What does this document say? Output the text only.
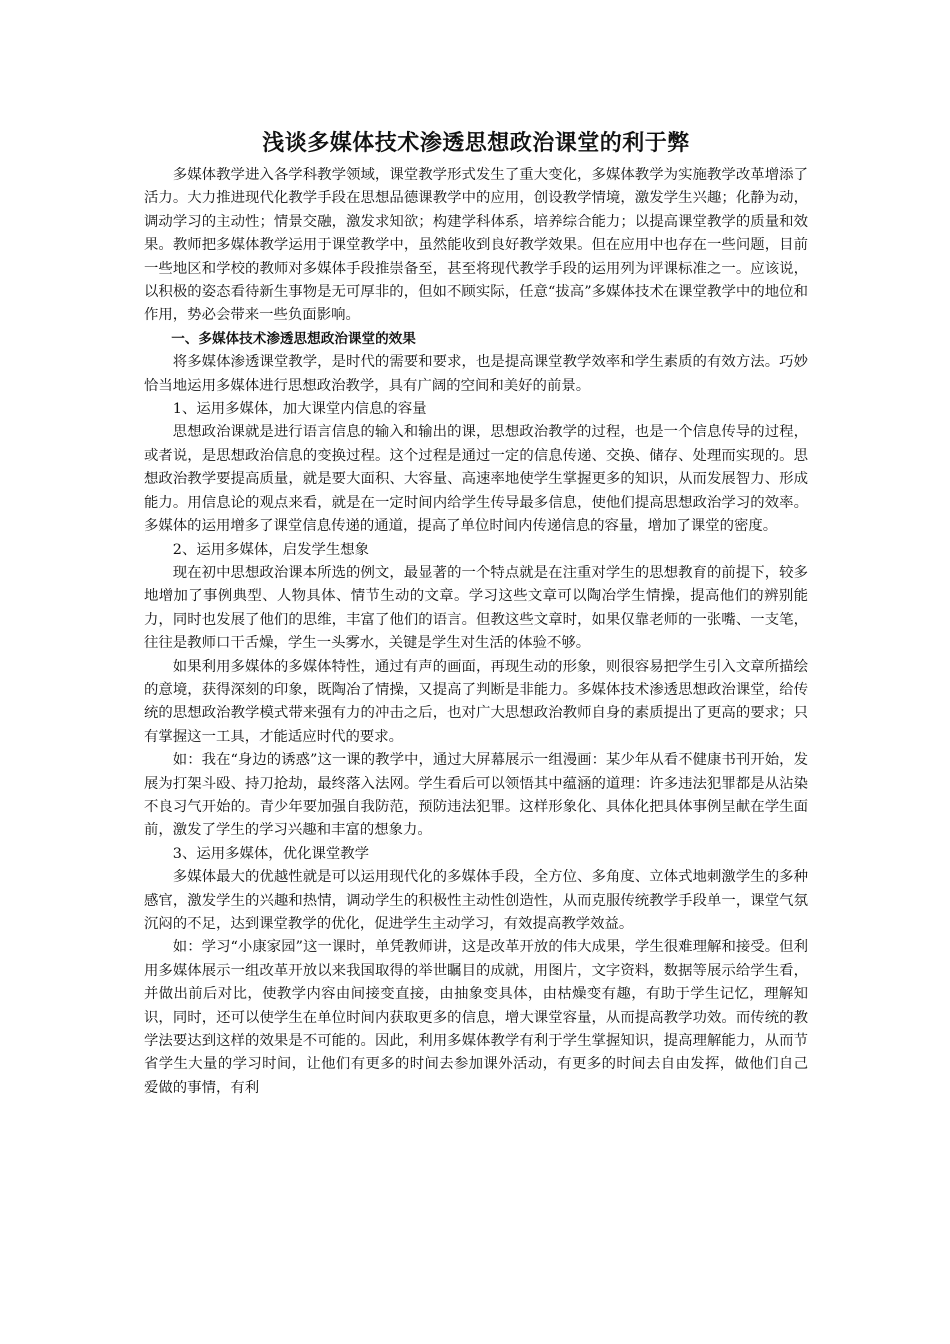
浅谈多媒体技术渗透思想政治课堂的利于弊

多媒体教学进入各学科教学领域，课堂教学形式发生了重大变化，多媒体教学为实施教学改革增添了活力。大力推进现代化教学手段在思想品德课教学中的应用，创设教学情境，激发学生兴趣；化静为动，调动学习的主动性；情景交融，激发求知欲；构建学科体系，培养综合能力；以提高课堂教学的质量和效果。教师把多媒体教学运用于课堂教学中，虽然能收到良好教学效果。但在应用中也存在一些问题，目前一些地区和学校的教师对多媒体手段推崇备至，甚至将现代教学手段的运用列为评课标准之一。应该说，以积极的姿态看待新生事物是无可厚非的，但如不顾实际，任意“拔高”多媒体技术在课堂教学中的地位和作用，势必会带来一些负面影响。

一、多媒体技术渗透思想政治课堂的效果

将多媒体渗透课堂教学，是时代的需要和要求，也是提高课堂教学效率和学生素质的有效方法。巧妙恰当地运用多媒体进行思想政治教学，具有广阔的空间和美好的前景。

1、运用多媒体，加大课堂内信息的容量

思想政治课就是进行语言信息的输入和输出的课，思想政治教学的过程，也是一个信息传导的过程，或者说，是思想政治信息的变换过程。这个过程是通过一定的信息传递、交换、储存、处理而实现的。思想政治教学要提高质量，就是要大面积、大容量、高速率地使学生掌握更多的知识，从而发展智力、形成能力。用信息论的观点来看，就是在一定时间内给学生传导最多信息，使他们提高思想政治学习的效率。多媒体的运用增多了课堂信息传递的通道，提高了单位时间内传递信息的容量，增加了课堂的密度。

2、运用多媒体，启发学生想象

现在初中思想政治课本所选的例文，最显著的一个特点就是在注重对学生的思想教育的前提下，较多地增加了事例典型、人物具体、情节生动的文章。学习这些文章可以陶冶学生情操，提高他们的辨别能力，同时也发展了他们的思维，丰富了他们的语言。但教这些文章时，如果仅靠老师的一张嘴、一支笔，往往是教师口干舌燥，学生一头雾水，关键是学生对生活的体验不够。

如果利用多媒体的多媒体特性，通过有声的画面，再现生动的形象，则很容易把学生引入文章所描绘的意境，获得深刻的印象，既陶冶了情操，又提高了判断是非能力。多媒体技术渗透思想政治课堂，给传统的思想政治教学模式带来强有力的冲击之后，也对广大思想政治教师自身的素质提出了更高的要求；只有掌握这一工具，才能适应时代的要求。

如：我在“身边的诱惑”这一课的教学中，通过大屏幕展示一组漫画：某少年从看不健康书刊开始，发展为打架斗殴、持刀抢劫，最终落入法网。学生看后可以领悟其中蕴涵的道理：许多违法犯罪都是从沾染不良习气开始的。青少年要加强自我防范，预防违法犯罪。这样形象化、具体化把具体事例呈献在学生面前，激发了学生的学习兴趣和丰富的想象力。

3、运用多媒体，优化课堂教学

多媒体最大的优越性就是可以运用现代化的多媒体手段，全方位、多角度、立体式地刺激学生的多种感官，激发学生的兴趣和热情，调动学生的积极性主动性创造性，从而克服传统教学手段单一，课堂气氛沉闷的不足，达到课堂教学的优化，促进学生主动学习，有效提高教学效益。

如：学习“小康家园”这一课时，单凭教师讲，这是改革开放的伟大成果，学生很难理解和接受。但利用多媒体展示一组改革开放以来我国取得的举世瞩目的成就，用图片，文字资料，数据等展示给学生看，并做出前后对比，使教学内容由间接变直接，由抽象变具体，由枯燥变有趣，有助于学生记忆，理解知识，同时，还可以使学生在单位时间内获取更多的信息，增大课堂容量，从而提高教学功效。而传统的教学法要达到这样的效果是不可能的。因此，利用多媒体教学有利于学生掌握知识，提高理解能力，从而节省学生大量的学习时间，让他们有更多的时间去参加课外活动，有更多的时间去自由发挥，做他们自己　爱做的事情，有利
